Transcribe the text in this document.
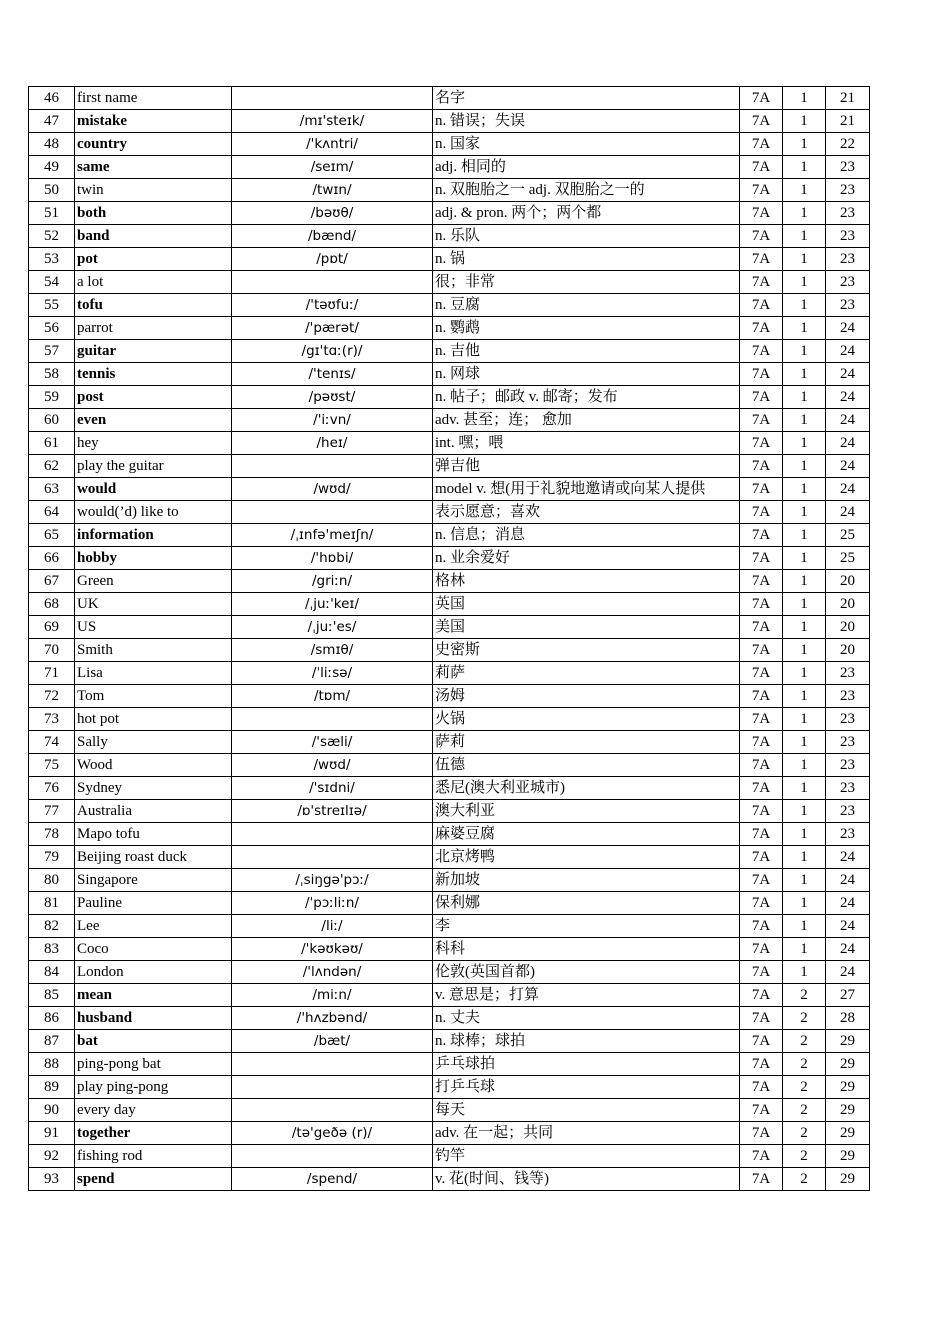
46	first name		名字	7A	1	21
47	mistake	/mɪ'steɪk/	n. 错误；失误	7A	1	21
48	country	/'kʌntri/	n. 国家	7A	1	22
49	same	/seɪm/	adj. 相同的	7A	1	23
50	twin	/twɪn/	n. 双胞胎之一 adj. 双胞胎之一的	7A	1	23
51	both	/bəʊθ/	adj. & pron. 两个；两个都	7A	1	23
52	band	/bænd/	n. 乐队	7A	1	23
53	pot	/pɒt/	n. 锅	7A	1	23
54	a lot		很；非常	7A	1	23
55	tofu	/'təʊfuː/	n. 豆腐	7A	1	23
56	parrot	/'pærət/	n. 鹦鹉	7A	1	24
57	guitar	/gɪ'tɑː(r)/	n. 吉他	7A	1	24
58	tennis	/'tenɪs/	n. 网球	7A	1	24
59	post	/pəʊst/	n. 帖子；邮政 v. 邮寄；发布	7A	1	24
60	even	/'iːvn/	adv. 甚至；连； 愈加	7A	1	24
61	hey	/heɪ/	int. 嘿；喂	7A	1	24
62	play the guitar		弹吉他	7A	1	24
63	would	/wʊd/	model v. 想(用于礼貌地邀请或向某人提供	7A	1	24
64	would(’d) like to		表示愿意；喜欢	7A	1	24
65	information	/ˌɪnfə'meɪʃn/	n. 信息；消息	7A	1	25
66	hobby	/'hɒbi/	n. 业余爱好	7A	1	25
67	Green	/griːn/	格林	7A	1	20
68	UK	/ˌjuː'keɪ/	英国	7A	1	20
69	US	/ˌjuː'es/	美国	7A	1	20
70	Smith	/smɪθ/	史密斯	7A	1	20
71	Lisa	/ˈliːsə/	莉萨	7A	1	23
72	Tom	/tɒm/	汤姆	7A	1	23
73	hot pot		火锅	7A	1	23
74	Sally	/'sæli/	萨莉	7A	1	23
75	Wood	/wʊd/	伍德	7A	1	23
76	Sydney	/'sɪdni/	悉尼(澳大利亚城市)	7A	1	23
77	Australia	/ɒ'streɪlɪə/	澳大利亚	7A	1	23
78	Mapo tofu		麻婆豆腐	7A	1	23
79	Beijing roast duck		北京烤鸭	7A	1	24
80	Singapore	/ˌsiŋgə'pɔː/	新加坡	7A	1	24
81	Pauline	/ˈpɔːliːn/	保利娜	7A	1	24
82	Lee	/liː/	李	7A	1	24
83	Coco	/'kəʊkəʊ/	科科	7A	1	24
84	London	/'lʌndən/	伦敦(英国首都)	7A	1	24
85	mean	/miːn/	v. 意思是；打算	7A	2	27
86	husband	/'hʌzbənd/	n. 丈夫	7A	2	28
87	bat	/bæt/	n. 球棒；球拍	7A	2	29
88	ping-pong bat		乒乓球拍	7A	2	29
89	play ping-pong		打乒乓球	7A	2	29
90	every day		每天	7A	2	29
91	together	/tə'geðə (r)/	adv. 在一起；共同	7A	2	29
92	fishing rod		钓竿	7A	2	29
93	spend	/spend/	v. 花(时间、钱等)	7A	2	29
